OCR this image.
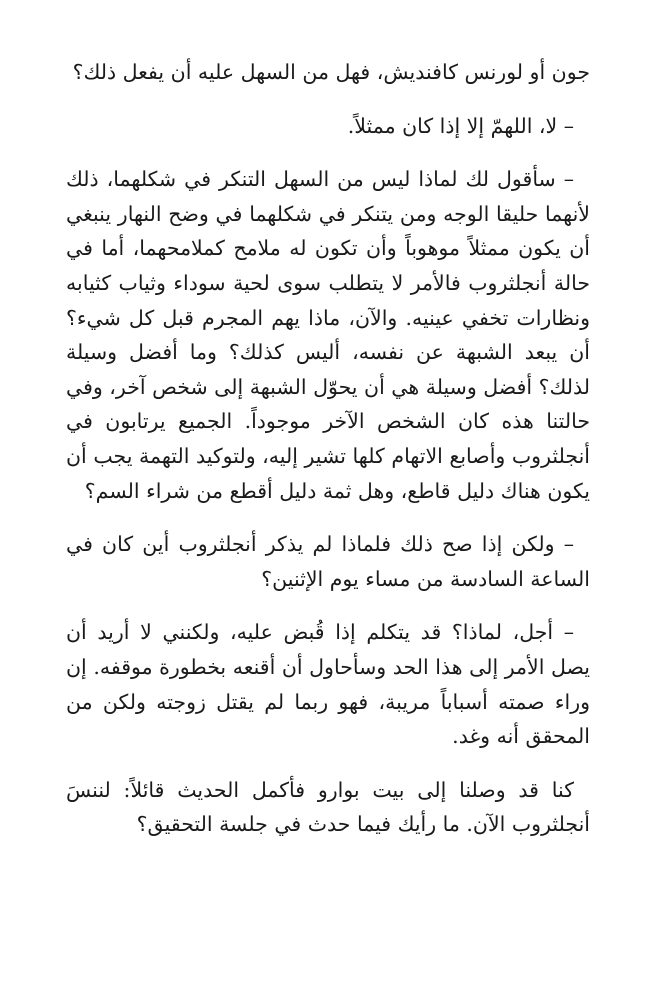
جون أو لورنس كافنديش، فهل من السهل عليه أن يفعل ذلك؟

– لا، اللهمّ إلا إذا كان ممثلاً.

– سأقول لك لماذا ليس من السهل التنكر في شكلهما، ذلك لأنهما حليقا الوجه ومن يتنكر في شكلهما في وضح النهار ينبغي أن يكون ممثلاً موهوباً وأن تكون له ملامح كملامحهما، أما في حالة أنجلثروب فالأمر لا يتطلب سوى لحية سوداء وثياب كثيابه ونظارات تخفي عينيه. والآن، ماذا يهم المجرم قبل كل شيء؟ أن يبعد الشبهة عن نفسه، أليس كذلك؟ وما أفضل وسيلة لذلك؟ أفضل وسيلة هي أن يحوّل الشبهة إلى شخص آخر، وفي حالتنا هذه كان الشخص الآخر موجوداً. الجميع يرتابون في أنجلثروب وأصابع الاتهام كلها تشير إليه، ولتوكيد التهمة يجب أن يكون هناك دليل قاطع، وهل ثمة دليل أقطع من شراء السم؟

– ولكن إذا صح ذلك فلماذا لم يذكر أنجلثروب أين كان في الساعة السادسة من مساء يوم الإثنين؟

– أجل، لماذا؟ قد يتكلم إذا قُبض عليه، ولكنني لا أريد أن يصل الأمر إلى هذا الحد وسأحاول أن أقنعه بخطورة موقفه. إن وراء صمته أسباباً مريبة، فهو ربما لم يقتل زوجته ولكن من المحقق أنه وغد.

كنا قد وصلنا إلى بيت بوارو فأكمل الحديث قائلاً: لننسَ أنجلثروب الآن. ما رأيك فيما حدث في جلسة التحقيق؟
